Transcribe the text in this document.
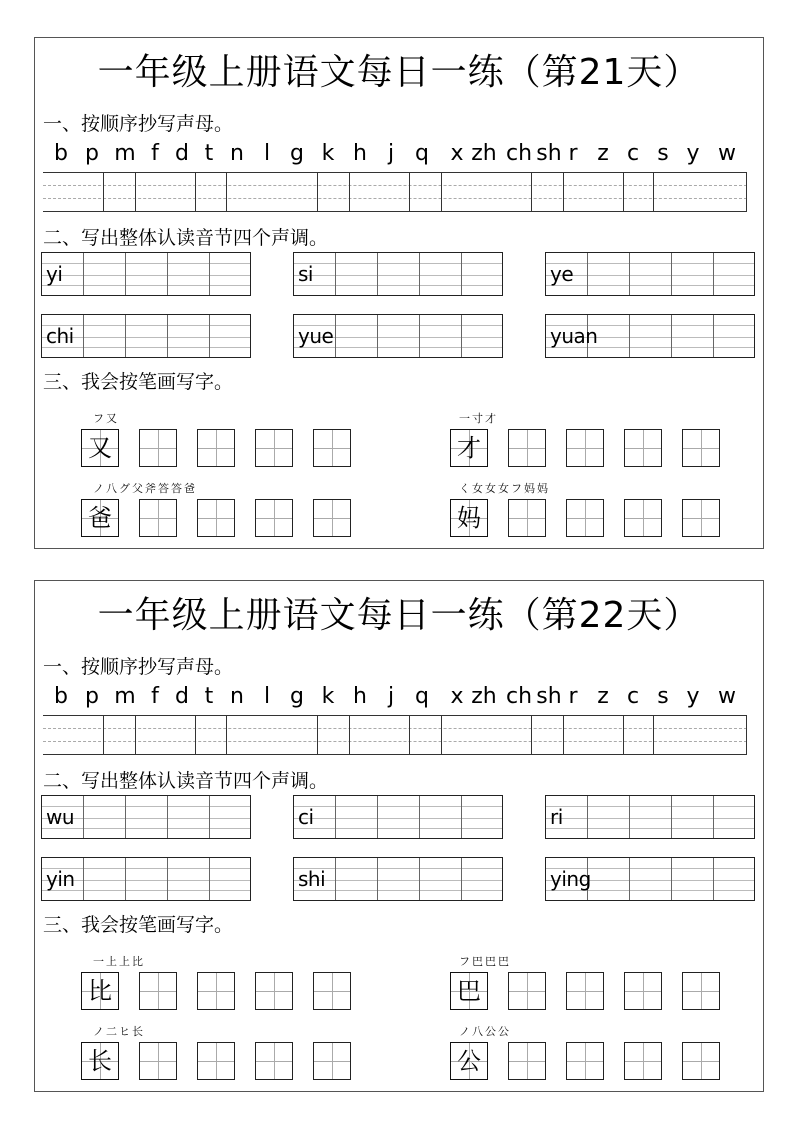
一年级上册语文每日一练（第21天）
一、按顺序抄写声母。
b p m f d t n l g k h j q x zh ch sh r z c s y w
二、写出整体认读音节四个声调。
yi	si	ye
chi	yue	yuan
三、我会按笔画写字。
フ又
又
一寸才
才
ノ八グ父斧答答爸
爸
く女女女フ妈妈
妈
一年级上册语文每日一练（第22天）
一、按顺序抄写声母。
b p m f d t n l g k h j q x zh ch sh r z c s y w
二、写出整体认读音节四个声调。
wu	ci	ri
yin	shi	ying
三、我会按笔画写字。
一上上比
比
フ巴巴巴
巴
ノ二ヒ长
长
ノ八公公
公
